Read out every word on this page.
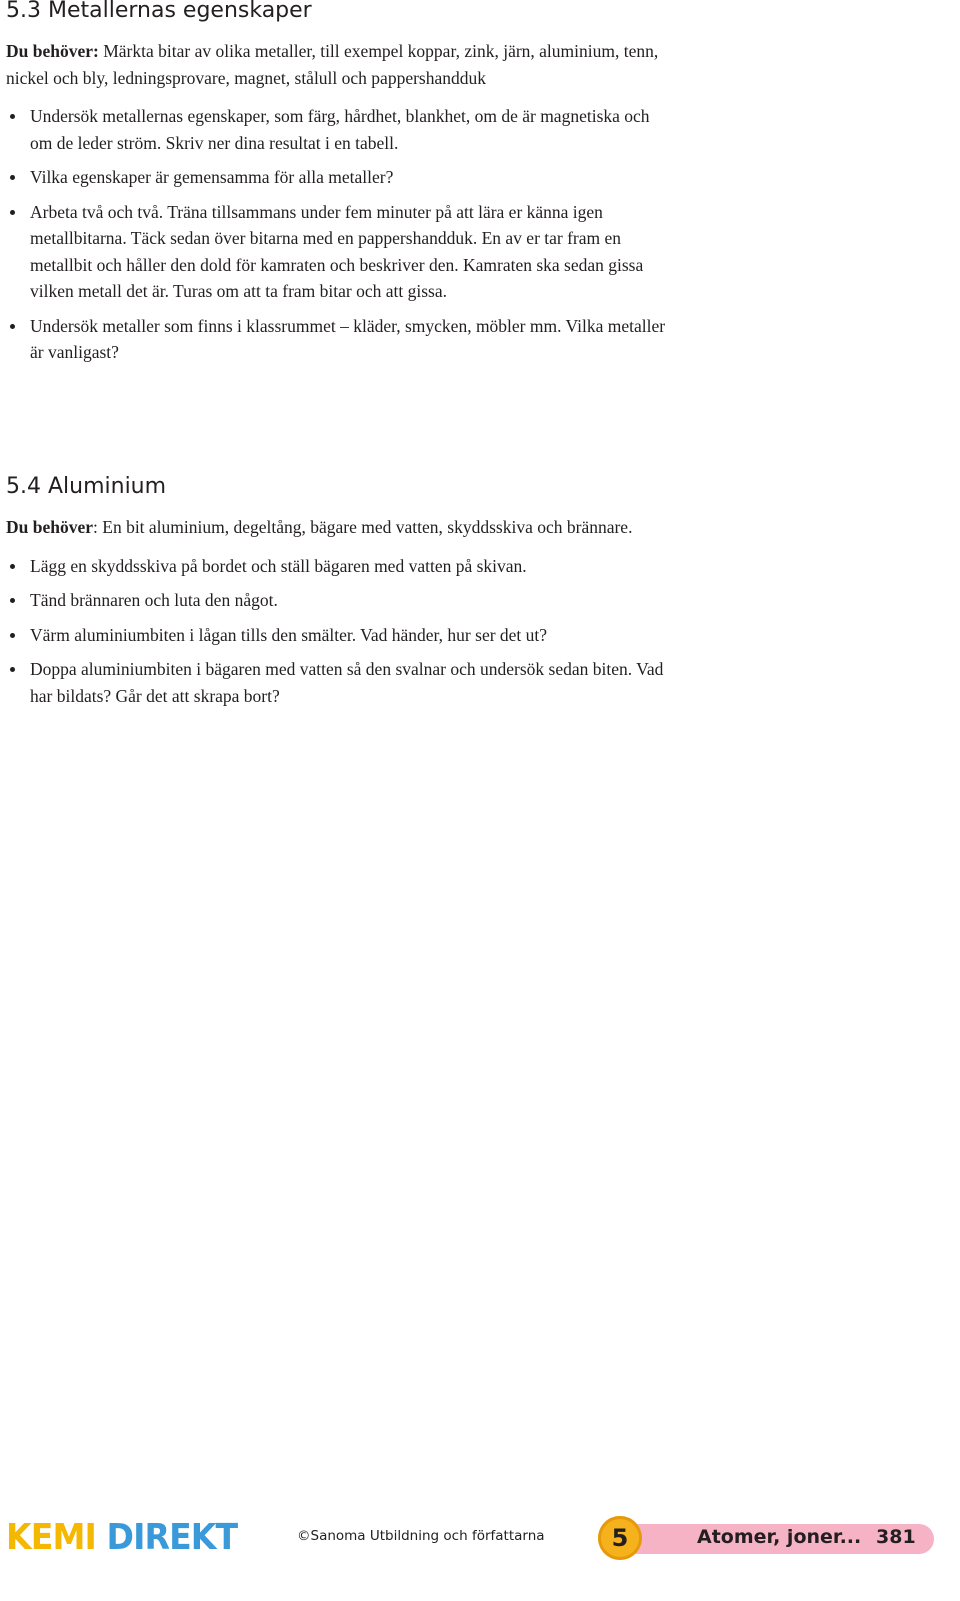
5.3 Metallernas egenskaper

Du behöver: Märkta bitar av olika metaller, till exempel koppar, zink, järn, aluminium, tenn, nickel och bly, ledningsprovare, magnet, stålull och pappershandduk

Undersök metallernas egenskaper, som färg, hårdhet, blankhet, om de är magnetiska och om de leder ström. Skriv ner dina resultat i en tabell.
Vilka egenskaper är gemensamma för alla metaller?
Arbeta två och två. Träna tillsammans under fem minuter på att lära er känna igen metallbitarna. Täck sedan över bitarna med en pappershandduk. En av er tar fram en metallbit och håller den dold för kamraten och beskriver den. Kamraten ska sedan gissa vilken metall det är. Turas om att ta fram bitar och att gissa.
Undersök metaller som finns i klassrummet – kläder, smycken, möbler mm. Vilka metaller är vanligast?
5.4 Aluminium

Du behöver: En bit aluminium, degeltång, bägare med vatten, skyddsskiva och brännare.

Lägg en skyddsskiva på bordet och ställ bägaren med vatten på skivan.
Tänd brännaren och luta den något.
Värm aluminiumbiten i lågan tills den smälter. Vad händer, hur ser det ut?
Doppa aluminiumbiten i bägaren med vatten så den svalnar och undersök sedan biten. Vad har bildats? Går det att skrapa bort?
KEMI DIREKT	©Sanoma Utbildning och författarna	5	Atomer, joner... 381
